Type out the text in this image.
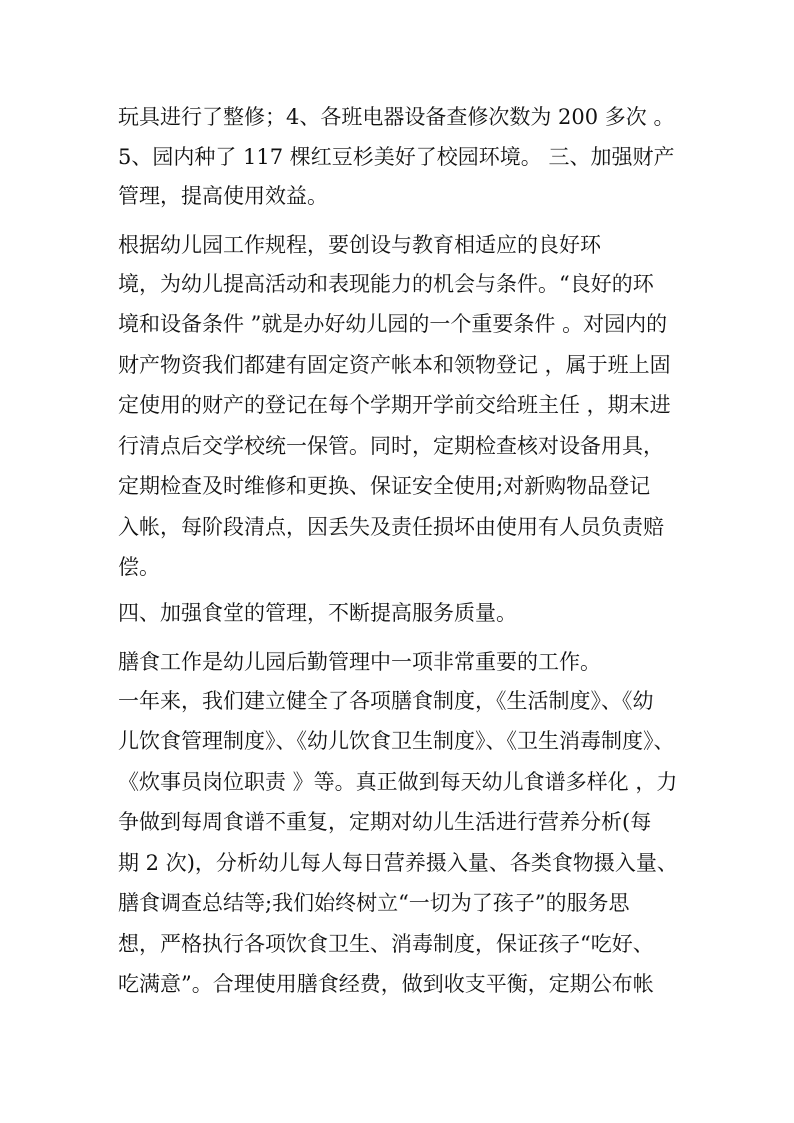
玩具进行了整修；4、各班电器设备查修次数为 200 多次 。
5、园内种了 117 棵红豆杉美好了校园环境。 三、加强财产
管理，提高使用效益。
根据幼儿园工作规程，要创设与教育相适应的良好环
境，为幼儿提高活动和表现能力的机会与条件。“良好的环
境和设备条件 ”就是办好幼儿园的一个重要条件 。对园内的
财产物资我们都建有固定资产帐本和领物登记 ，属于班上固
定使用的财产的登记在每个学期开学前交给班主任 ，期末进
行清点后交学校统一保管。同时，定期检查核对设备用具，
定期检查及时维修和更换、保证安全使用;对新购物品登记
入帐，每阶段清点，因丢失及责任损坏由使用有人员负责赔
偿。
四、加强食堂的管理，不断提高服务质量。
膳食工作是幼儿园后勤管理中一项非常重要的工作。
一年来，我们建立健全了各项膳食制度，《生活制度》、《幼
儿饮食管理制度》、《幼儿饮食卫生制度》、《卫生消毒制度》、
《炊事员岗位职责 》等。真正做到每天幼儿食谱多样化 ，力
争做到每周食谱不重复，定期对幼儿生活进行营养分析(每
期 2 次)，分析幼儿每人每日营养摄入量、各类食物摄入量、
膳食调查总结等;我们始终树立“一切为了孩子”的服务思
想，严格执行各项饮食卫生、消毒制度，保证孩子“吃好、
吃满意”。合理使用膳食经费，做到收支平衡，定期公布帐
